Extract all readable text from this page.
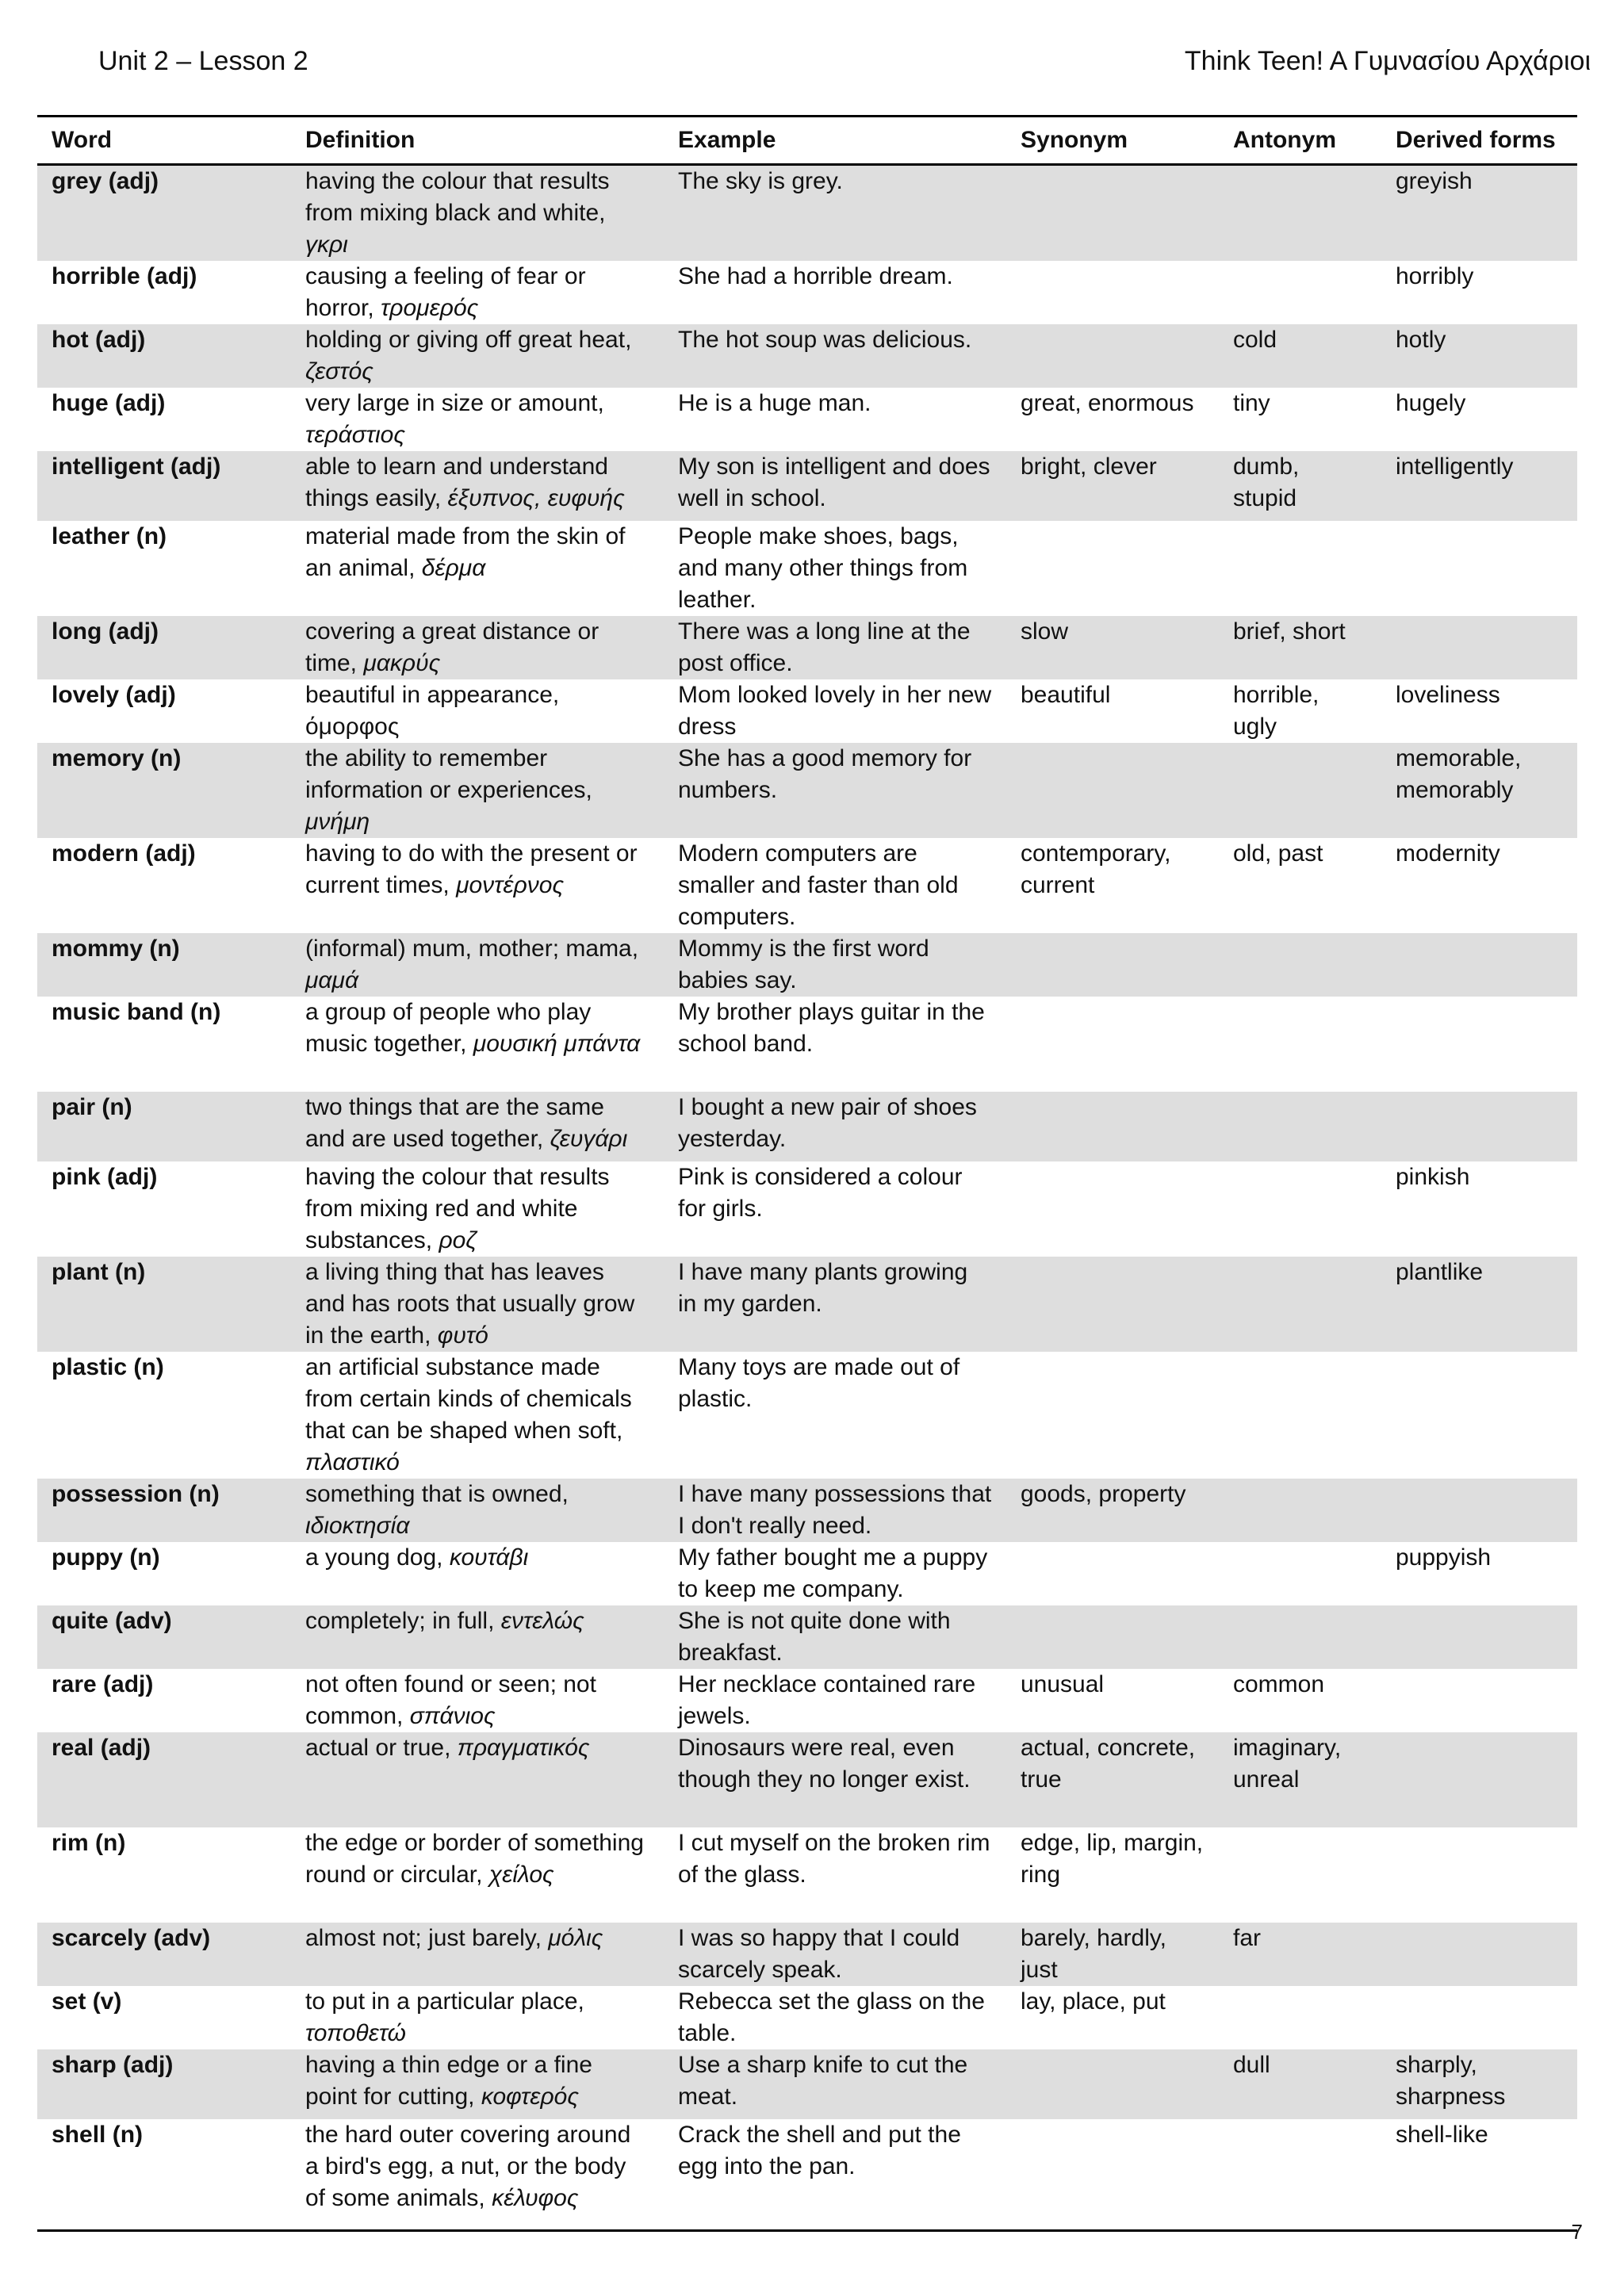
Unit 2 – Lesson 2	Think Teen! A Γυμνασίου Αρχάριοι
Word	Definition	Example	Synonym	Antonym	Derived forms
grey (adj)	having the colour that results from mixing black and white, γκρι	The sky is grey.			greyish
horrible (adj)	causing a feeling of fear or horror, τρομερός	She had a horrible dream.			horribly
hot (adj)	holding or giving off great heat, ζεστός	The hot soup was delicious.		cold	hotly
huge (adj)	very large in size or amount, τεράστιος	He is a huge man.	great, enormous	tiny	hugely
intelligent (adj)	able to learn and understand things easily, έξυπνος, ευφυής	My son is intelligent and does well in school.	bright, clever	dumb, stupid	intelligently
leather (n)	material made from the skin of an animal, δέρμα	People make shoes, bags, and many other things from leather.			
long (adj)	covering a great distance or time, μακρύς	There was a long line at the post office.	slow	brief, short	
lovely (adj)	beautiful in appearance, όμορφος	Mom looked lovely in her new dress	beautiful	horrible, ugly	loveliness
memory (n)	the ability to remember information or experiences, μνήμη	She has a good memory for numbers.			memorable, memorably
modern (adj)	having to do with the present or current times, μοντέρνος	Modern computers are smaller and faster than old computers.	contemporary, current	old, past	modernity
mommy (n)	(informal) mum, mother; mama, μαμά	Mommy is the first word babies say.			
music band (n)	a group of people who play music together, μουσική μπάντα	My brother plays guitar in the school band.			
pair (n)	two things that are the same and are used together, ζευγάρι	I bought a new pair of shoes yesterday.			
pink (adj)	having the colour that results from mixing red and white substances, ροζ	Pink is considered a colour for girls.			pinkish
plant (n)	a living thing that has leaves and has roots that usually grow in the earth, φυτό	I have many plants growing in my garden.			plantlike
plastic (n)	an artificial substance made from certain kinds of chemicals that can be shaped when soft, πλαστικό	Many toys are made out of plastic.			
possession (n)	something that is owned, ιδιοκτησία	I have many possessions that I don't really need.	goods, property		
puppy (n)	a young dog, κουτάβι	My father bought me a puppy to keep me company.			puppyish
quite (adv)	completely; in full, εντελώς	She is not quite done with breakfast.			
rare (adj)	not often found or seen; not common, σπάνιος	Her necklace contained rare jewels.	unusual	common	
real (adj)	actual or true, πραγματικός	Dinosaurs were real, even though they no longer exist.	actual, concrete, true	imaginary, unreal	
rim (n)	the edge or border of something round or circular, χείλος	I cut myself on the broken rim of the glass.	edge, lip, margin, ring		
scarcely (adv)	almost not; just barely, μόλις	I was so happy that I could scarcely speak.	barely, hardly, just	far	
set (v)	to put in a particular place, τοποθετώ	Rebecca set the glass on the table.	lay, place, put		
sharp (adj)	having a thin edge or a fine point for cutting, κοφτερός	Use a sharp knife to cut the meat.		dull	sharply, sharpness
shell (n)	the hard outer covering around a bird's egg, a nut, or the body of some animals, κέλυφος	Crack the shell and put the egg into the pan.			shell-like
7
